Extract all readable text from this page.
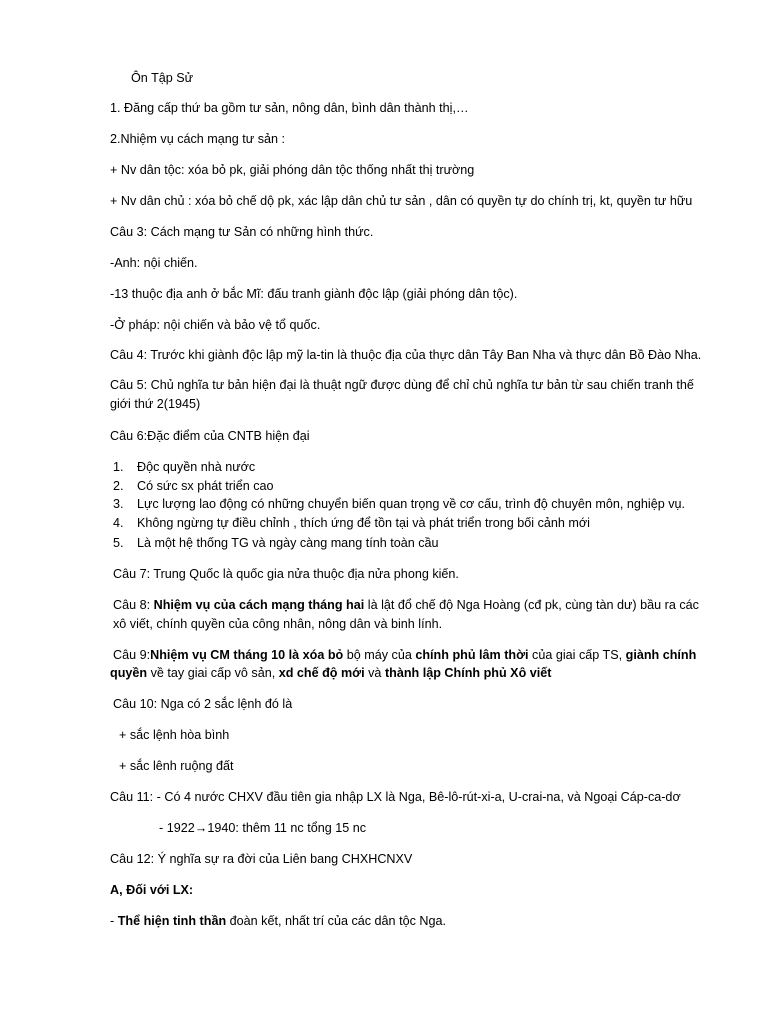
Ôn Tập Sử
1. Đăng cấp thứ ba gồm tư sản, nông dân, bình dân thành thị,…
2.Nhiệm vụ cách mạng tư sản :
+ Nv dân tộc: xóa bỏ pk, giải phóng dân tộc thống nhất thị trường
+ Nv dân chủ : xóa bỏ chế dộ pk, xác lập dân chủ tư sản , dân có quyền tự do chính trị, kt, quyền tư hữu
Câu 3: Cách mạng tư Sản có những hình thức.
-Anh: nội chiến.
-13 thuộc địa anh ở bắc Mĩ: đấu tranh giành độc lập (giải phóng dân tộc).
-Ở pháp: nội chiến và bảo vệ tổ quốc.
Câu 4: Trước khi giành độc lập mỹ la-tin là thuộc địa của thực dân Tây Ban Nha và thực dân Bồ Đào Nha.
Câu 5: Chủ nghĩa tư bản hiện đại là thuật ngữ được dùng để chỉ chủ nghĩa tư bản từ sau chiến tranh thế giới thứ 2(1945)
Câu 6:Đặc điểm của CNTB hiện đại
1.	Độc quyền nhà nước
2.	Có sức sx phát triển cao
3.	Lực lượng lao động có những chuyển biến quan trọng về cơ cấu, trình độ chuyên môn, nghiệp vụ.
4.	Không ngừng tự điều chỉnh , thích ứng để tồn tại và phát triển trong bối cảnh mới
5.	Là một hệ thống TG và ngày càng mang tính toàn cầu
Câu 7: Trung Quốc là quốc gia nửa thuộc địa nửa phong kiến.
Câu 8: Nhiệm vụ của cách mạng tháng hai là lật đổ chế độ Nga Hoàng (cđ pk, cùng tàn dư) bầu ra các xô viết, chính quyền của công nhân, nông dân và binh lính.
Câu 9:Nhiệm vụ CM tháng 10 là xóa bỏ bộ máy của chính phủ lâm thời của giai cấp TS, giành chính
quyền về tay giai cấp vô sản, xd chế độ mới và thành lập Chính phủ Xô viết
Câu 10: Nga có 2 sắc lệnh đó là
+ sắc lệnh hòa bình
+ sắc lênh ruộng đất
Câu 11: - Có 4 nước CHXV đầu tiên gia nhập LX là Nga, Bê-lô-rút-xi-a, U-crai-na, và Ngoại Cáp-ca-dơ
- 1922→1940: thêm 11 nc tổng 15 nc
Câu 12: Ý nghĩa sự ra đời của Liên bang CHXHCNXV
A, Đối với LX:
- Thể hiện tinh thần đoàn kết, nhất trí của các dân tộc Nga.
